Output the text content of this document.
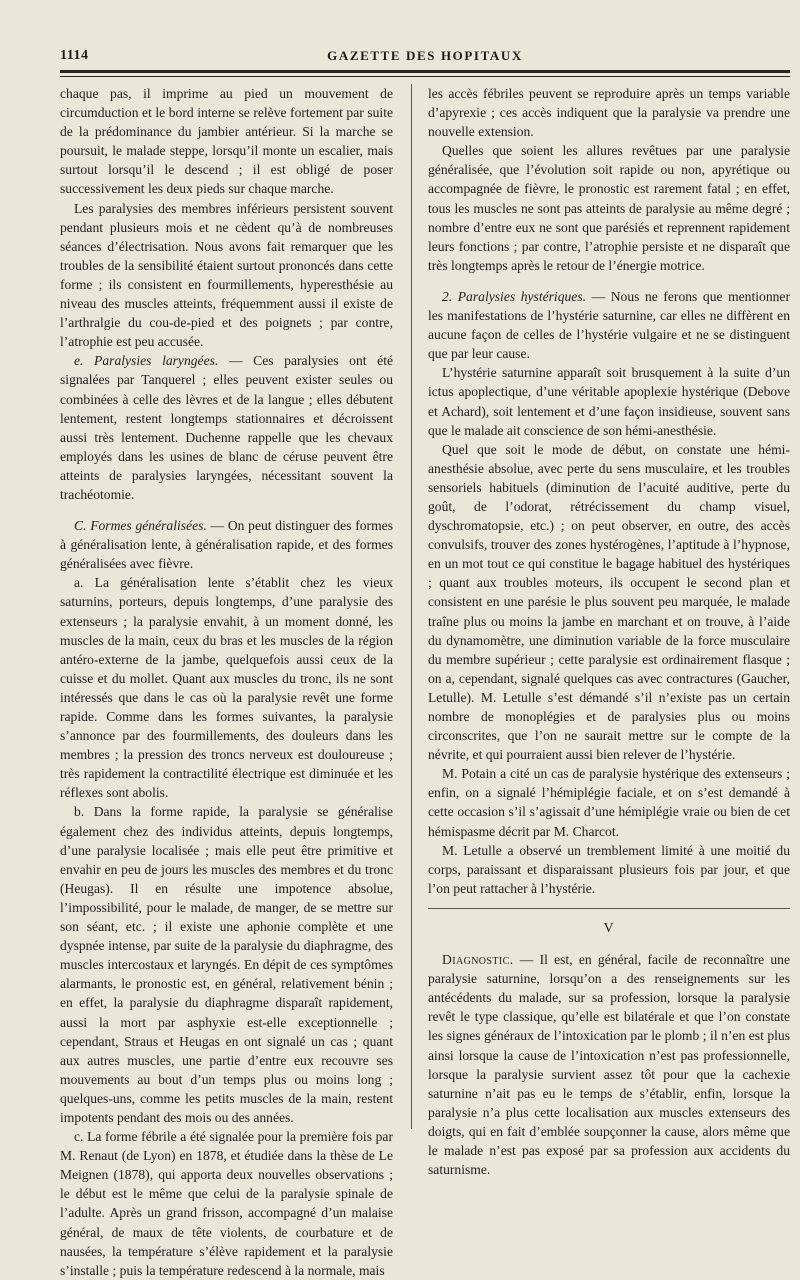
1114	GAZETTE DES HOPITAUX

chaque pas, il imprime au pied un mouvement de circumduction et le bord interne se relève fortement par suite de la prédominance du jambier antérieur. Si la marche se poursuit, le malade steppe, lorsqu’il monte un escalier, mais surtout lorsqu’il le descend ; il est obligé de poser successivement les deux pieds sur chaque marche.

Les paralysies des membres inférieurs persistent souvent pendant plusieurs mois et ne cèdent qu’à de nombreuses séances d’électrisation. Nous avons fait remarquer que les troubles de la sensibilité étaient surtout prononcés dans cette forme ; ils consistent en fourmillements, hyperesthésie au niveau des muscles atteints, fréquemment aussi il existe de l’arthralgie du cou-de-pied et des poignets ; par contre, l’atrophie est peu accusée.

e. Paralysies laryngées. — Ces paralysies ont été signalées par Tanquerel ; elles peuvent exister seules ou combinées à celle des lèvres et de la langue ; elles débutent lentement, restent longtemps stationnaires et décroissent aussi très lentement. Duchenne rappelle que les chevaux employés dans les usines de blanc de céruse peuvent être atteints de paralysies laryngées, nécessitant souvent la trachéotomie.

C. Formes généralisées. — On peut distinguer des formes à généralisation lente, à généralisation rapide, et des formes généralisées avec fièvre.

a. La généralisation lente s’établit chez les vieux saturnins, porteurs, depuis longtemps, d’une paralysie des extenseurs ; la paralysie envahit, à un moment donné, les muscles de la main, ceux du bras et les muscles de la région antéro-externe de la jambe, quelquefois aussi ceux de la cuisse et du mollet. Quant aux muscles du tronc, ils ne sont intéressés que dans le cas où la paralysie revêt une forme rapide. Comme dans les formes suivantes, la paralysie s’annonce par des fourmillements, des douleurs dans les membres ; la pression des troncs nerveux est douloureuse ; très rapidement la contractilité électrique est diminuée et les réflexes sont abolis.

b. Dans la forme rapide, la paralysie se généralise également chez des individus atteints, depuis longtemps, d’une paralysie localisée ; mais elle peut être primitive et envahir en peu de jours les muscles des membres et du tronc (Heugas). Il en résulte une impotence absolue, l’impossibilité, pour le malade, de manger, de se mettre sur son séant, etc. ; il existe une aphonie complète et une dyspnée intense, par suite de la paralysie du diaphragme, des muscles intercostaux et laryngés. En dépit de ces symptômes alarmants, le pronostic est, en général, relativement bénin ; en effet, la paralysie du diaphragme disparaît rapidement, aussi la mort par asphyxie est-elle exceptionnelle ; cependant, Straus et Heugas en ont signalé un cas ; quant aux autres muscles, une partie d’entre eux recouvre ses mouvements au bout d’un temps plus ou moins long ; quelques-uns, comme les petits muscles de la main, restent impotents pendant des mois ou des années.

c. La forme fébrile a été signalée pour la première fois par M. Renaut (de Lyon) en 1878, et étudiée dans la thèse de Le Meignen (1878), qui apporta deux nouvelles observations ; le début est le même que celui de la paralysie spinale de l’adulte. Après un grand frisson, accompagné d’un malaise général, de maux de tête violents, de courbature et de nausées, la température s’élève rapidement et la paralysie s’installe ; puis la température redescend à la normale, mais

les accès fébriles peuvent se reproduire après un temps variable d’apyrexie ; ces accès indiquent que la paralysie va prendre une nouvelle extension.

Quelles que soient les allures revêtues par une paralysie généralisée, que l’évolution soit rapide ou non, apyrétique ou accompagnée de fièvre, le pronostic est rarement fatal ; en effet, tous les muscles ne sont pas atteints de paralysie au même degré ; nombre d’entre eux ne sont que parésiés et reprennent rapidement leurs fonctions ; par contre, l’atrophie persiste et ne disparaît que très longtemps après le retour de l’énergie motrice.

2. Paralysies hystériques. — Nous ne ferons que mentionner les manifestations de l’hystérie saturnine, car elles ne diffèrent en aucune façon de celles de l’hystérie vulgaire et ne se distinguent que par leur cause.

L’hystérie saturnine apparaît soit brusquement à la suite d’un ictus apoplectique, d’une véritable apoplexie hystérique (Debove et Achard), soit lentement et d’une façon insidieuse, souvent sans que le malade ait conscience de son hémi-anesthésie.

Quel que soit le mode de début, on constate une hémi-anesthésie absolue, avec perte du sens musculaire, et les troubles sensoriels habituels (diminution de l’acuité auditive, perte du goût, de l’odorat, rétrécissement du champ visuel, dyschromatopsie, etc.) ; on peut observer, en outre, des accès convulsifs, trouver des zones hystérogènes, l’aptitude à l’hypnose, en un mot tout ce qui constitue le bagage habituel des hystériques ; quant aux troubles moteurs, ils occupent le second plan et consistent en une parésie le plus souvent peu marquée, le malade traîne plus ou moins la jambe en marchant et on trouve, à l’aide du dynamomètre, une diminution variable de la force musculaire du membre supérieur ; cette paralysie est ordinairement flasque ; on a, cependant, signalé quelques cas avec contractures (Gaucher, Letulle). M. Letulle s’est démandé s’il n’existe pas un certain nombre de monoplégies et de paralysies plus ou moins circonscrites, que l’on ne saurait mettre sur le compte de la névrite, et qui pourraient aussi bien relever de l’hystérie.

M. Potain a cité un cas de paralysie hystérique des extenseurs ; enfin, on a signalé l’hémiplégie faciale, et on s’est demandé à cette occasion s’il s’agissait d’une hémiplégie vraie ou bien de cet hémispasme décrit par M. Charcot.

M. Letulle a observé un tremblement limité à une moitié du corps, paraissant et disparaissant plusieurs fois par jour, et que l’on peut rattacher à l’hystérie.

V

Diagnostic. — Il est, en général, facile de reconnaître une paralysie saturnine, lorsqu’on a des renseignements sur les antécédents du malade, sur sa profession, lorsque la paralysie revêt le type classique, qu’elle est bilatérale et que l’on constate les signes généraux de l’intoxication par le plomb ; il n’en est plus ainsi lorsque la cause de l’intoxication n’est pas professionnelle, lorsque la paralysie survient assez tôt pour que la cachexie saturnine n’ait pas eu le temps de s’établir, enfin, lorsque la paralysie n’a plus cette localisation aux muscles extenseurs des doigts, qui en fait d’emblée soupçonner la cause, alors même que le malade n’est pas exposé par sa profession aux accidents du saturnisme.
